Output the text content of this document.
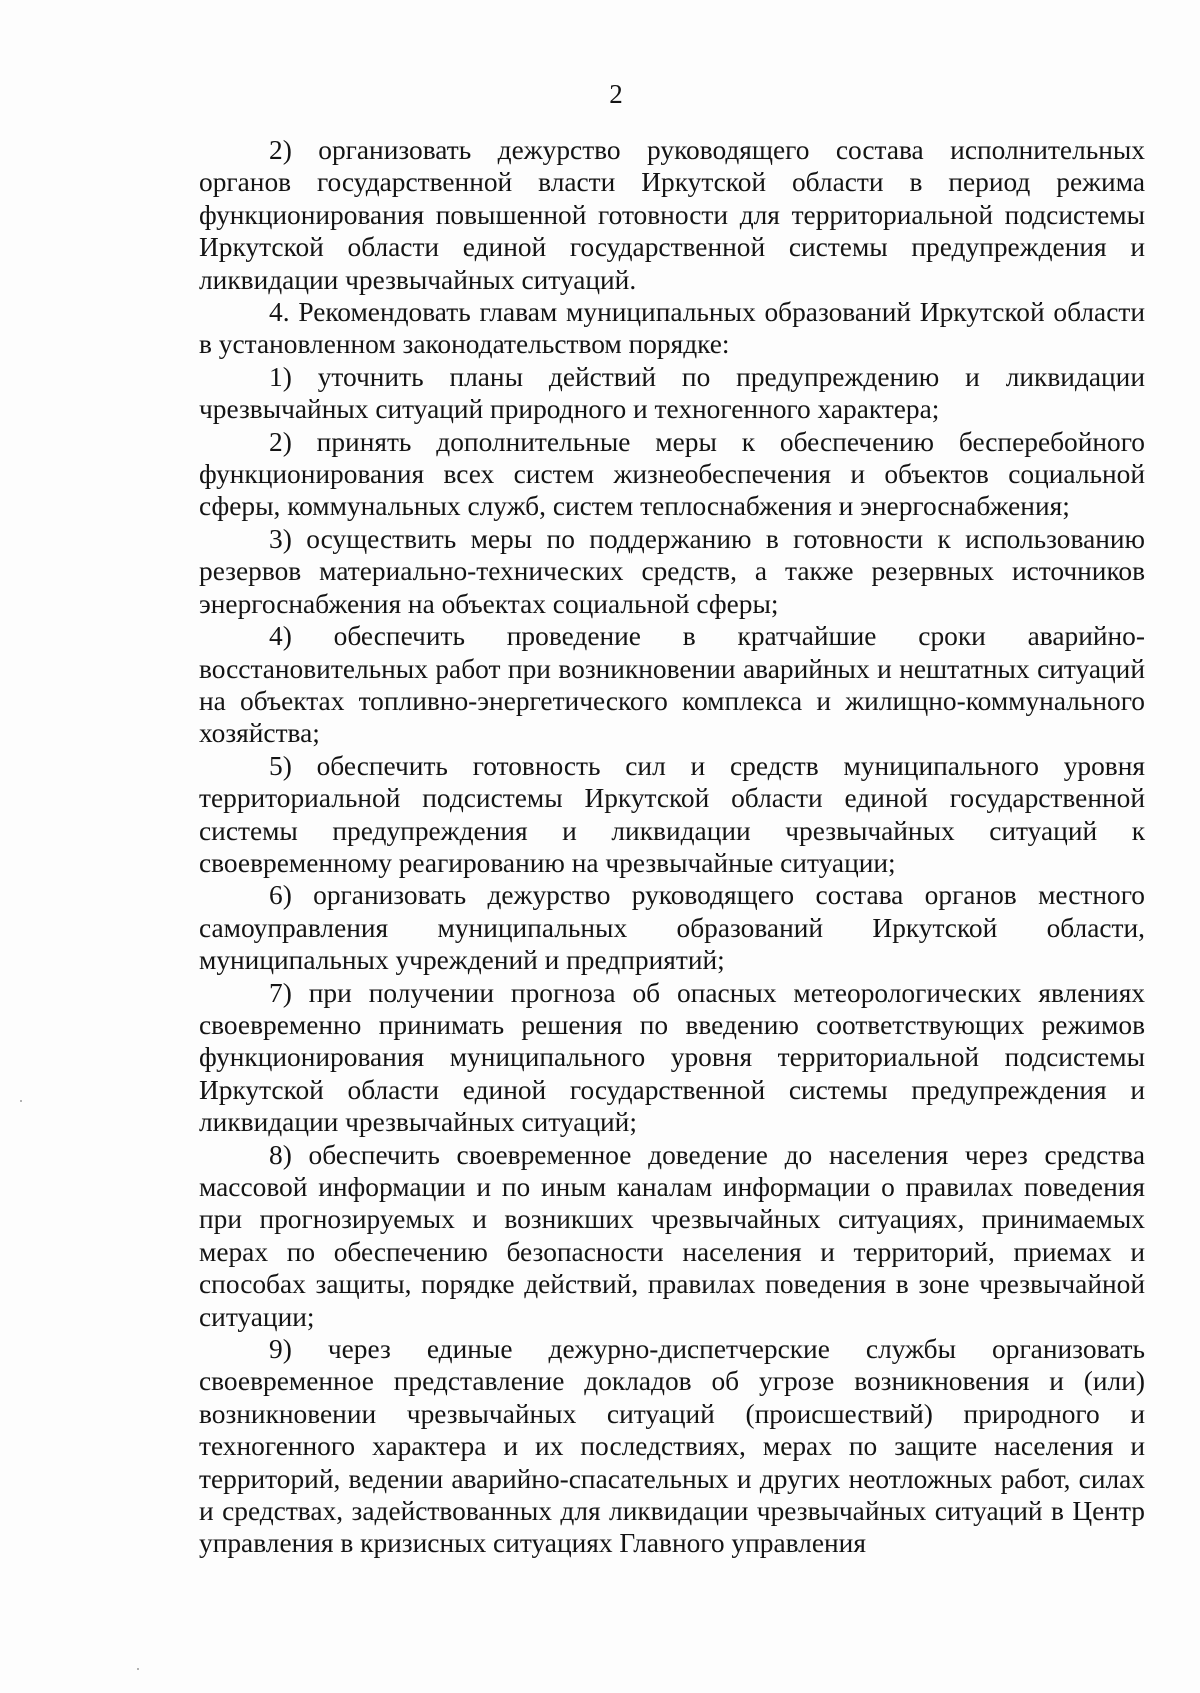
2

2) организовать дежурство руководящего состава исполнительных органов государственной власти Иркутской области в период режима функционирования повышенной готовности для территориальной подсистемы Иркутской области единой государственной системы предупреждения и ликвидации чрезвычайных ситуаций.

4. Рекомендовать главам муниципальных образований Иркутской области в установленном законодательством порядке:

1) уточнить планы действий по предупреждению и ликвидации чрезвычайных ситуаций природного и техногенного характера;

2) принять дополнительные меры к обеспечению бесперебойного функционирования всех систем жизнеобеспечения и объектов социальной сферы, коммунальных служб, систем теплоснабжения и энергоснабжения;

3) осуществить меры по поддержанию в готовности к использованию резервов материально-технических средств, а также резервных источников энергоснабжения на объектах социальной сферы;

4) обеспечить проведение в кратчайшие сроки аварийно-восстановительных работ при возникновении аварийных и нештатных ситуаций на объектах топливно-энергетического комплекса и жилищно-коммунального хозяйства;

5) обеспечить готовность сил и средств муниципального уровня территориальной подсистемы Иркутской области единой государственной системы предупреждения и ликвидации чрезвычайных ситуаций к своевременному реагированию на чрезвычайные ситуации;

6) организовать дежурство руководящего состава органов местного самоуправления муниципальных образований Иркутской области, муниципальных учреждений и предприятий;

7) при получении прогноза об опасных метеорологических явлениях своевременно принимать решения по введению соответствующих режимов функционирования муниципального уровня территориальной подсистемы Иркутской области единой государственной системы предупреждения и ликвидации чрезвычайных ситуаций;

8) обеспечить своевременное доведение до населения через средства массовой информации и по иным каналам информации о правилах поведения при прогнозируемых и возникших чрезвычайных ситуациях, принимаемых мерах по обеспечению безопасности населения и территорий, приемах и способах защиты, порядке действий, правилах поведения в зоне чрезвычайной ситуации;

9) через единые дежурно-диспетчерские службы организовать своевременное представление докладов об угрозе возникновения и (или) возникновении чрезвычайных ситуаций (происшествий) природного и техногенного характера и их последствиях, мерах по защите населения и территорий, ведении аварийно-спасательных и других неотложных работ, силах и средствах, задействованных для ликвидации чрезвычайных ситуаций в Центр управления в кризисных ситуациях Главного управления
